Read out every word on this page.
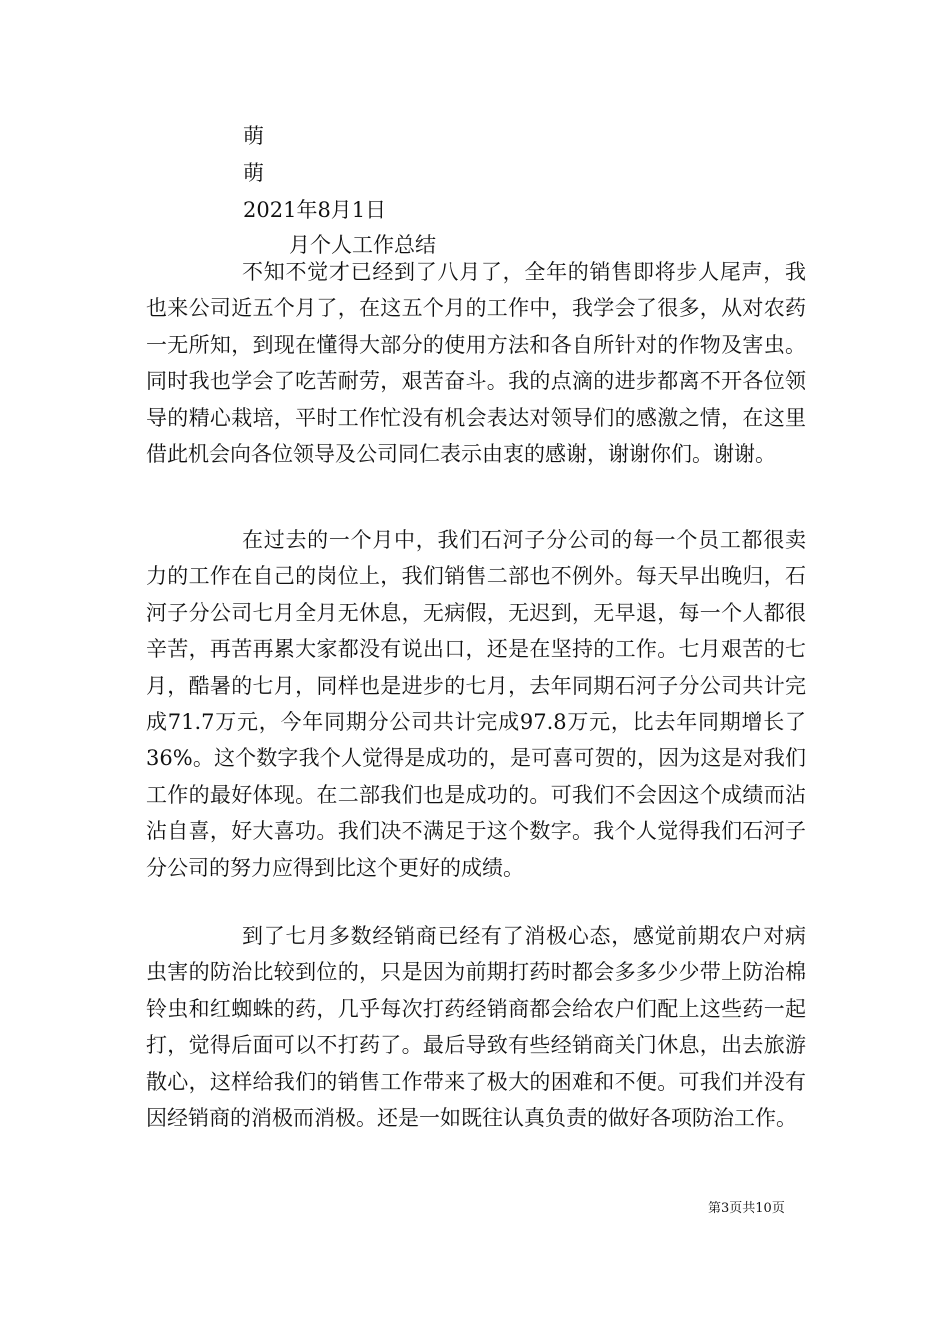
萌
萌
2021年8月1日
月个人工作总结

不知不觉才已经到了八月了，全年的销售即将步人尾声，我也来公司近五个月了，在这五个月的工作中，我学会了很多，从对农药一无所知，到现在懂得大部分的使用方法和各自所针对的作物及害虫。同时我也学会了吃苦耐劳，艰苦奋斗。我的点滴的进步都离不开各位领导的精心栽培，平时工作忙没有机会表达对领导们的感激之情，在这里借此机会向各位领导及公司同仁表示由衷的感谢，谢谢你们。谢谢。

在过去的一个月中，我们石河子分公司的每一个员工都很卖力的工作在自己的岗位上，我们销售二部也不例外。每天早出晚归，石河子分公司七月全月无休息，无病假，无迟到，无早退，每一个人都很辛苦，再苦再累大家都没有说出口，还是在坚持的工作。七月艰苦的七月，酷暑的七月，同样也是进步的七月，去年同期石河子分公司共计完成71.7万元，今年同期分公司共计完成97.8万元，比去年同期增长了36%。这个数字我个人觉得是成功的，是可喜可贺的，因为这是对我们工作的最好体现。在二部我们也是成功的。可我们不会因这个成绩而沾沾自喜，好大喜功。我们决不满足于这个数字。我个人觉得我们石河子分公司的努力应得到比这个更好的成绩。

到了七月多数经销商已经有了消极心态，感觉前期农户对病虫害的防治比较到位的，只是因为前期打药时都会多多少少带上防治棉铃虫和红蜘蛛的药，几乎每次打药经销商都会给农户们配上这些药一起打，觉得后面可以不打药了。最后导致有些经销商关门休息，出去旅游散心，这样给我们的销售工作带来了极大的困难和不便。可我们并没有因经销商的消极而消极。还是一如既往认真负责的做好各项防治工作。

第3页共10页
